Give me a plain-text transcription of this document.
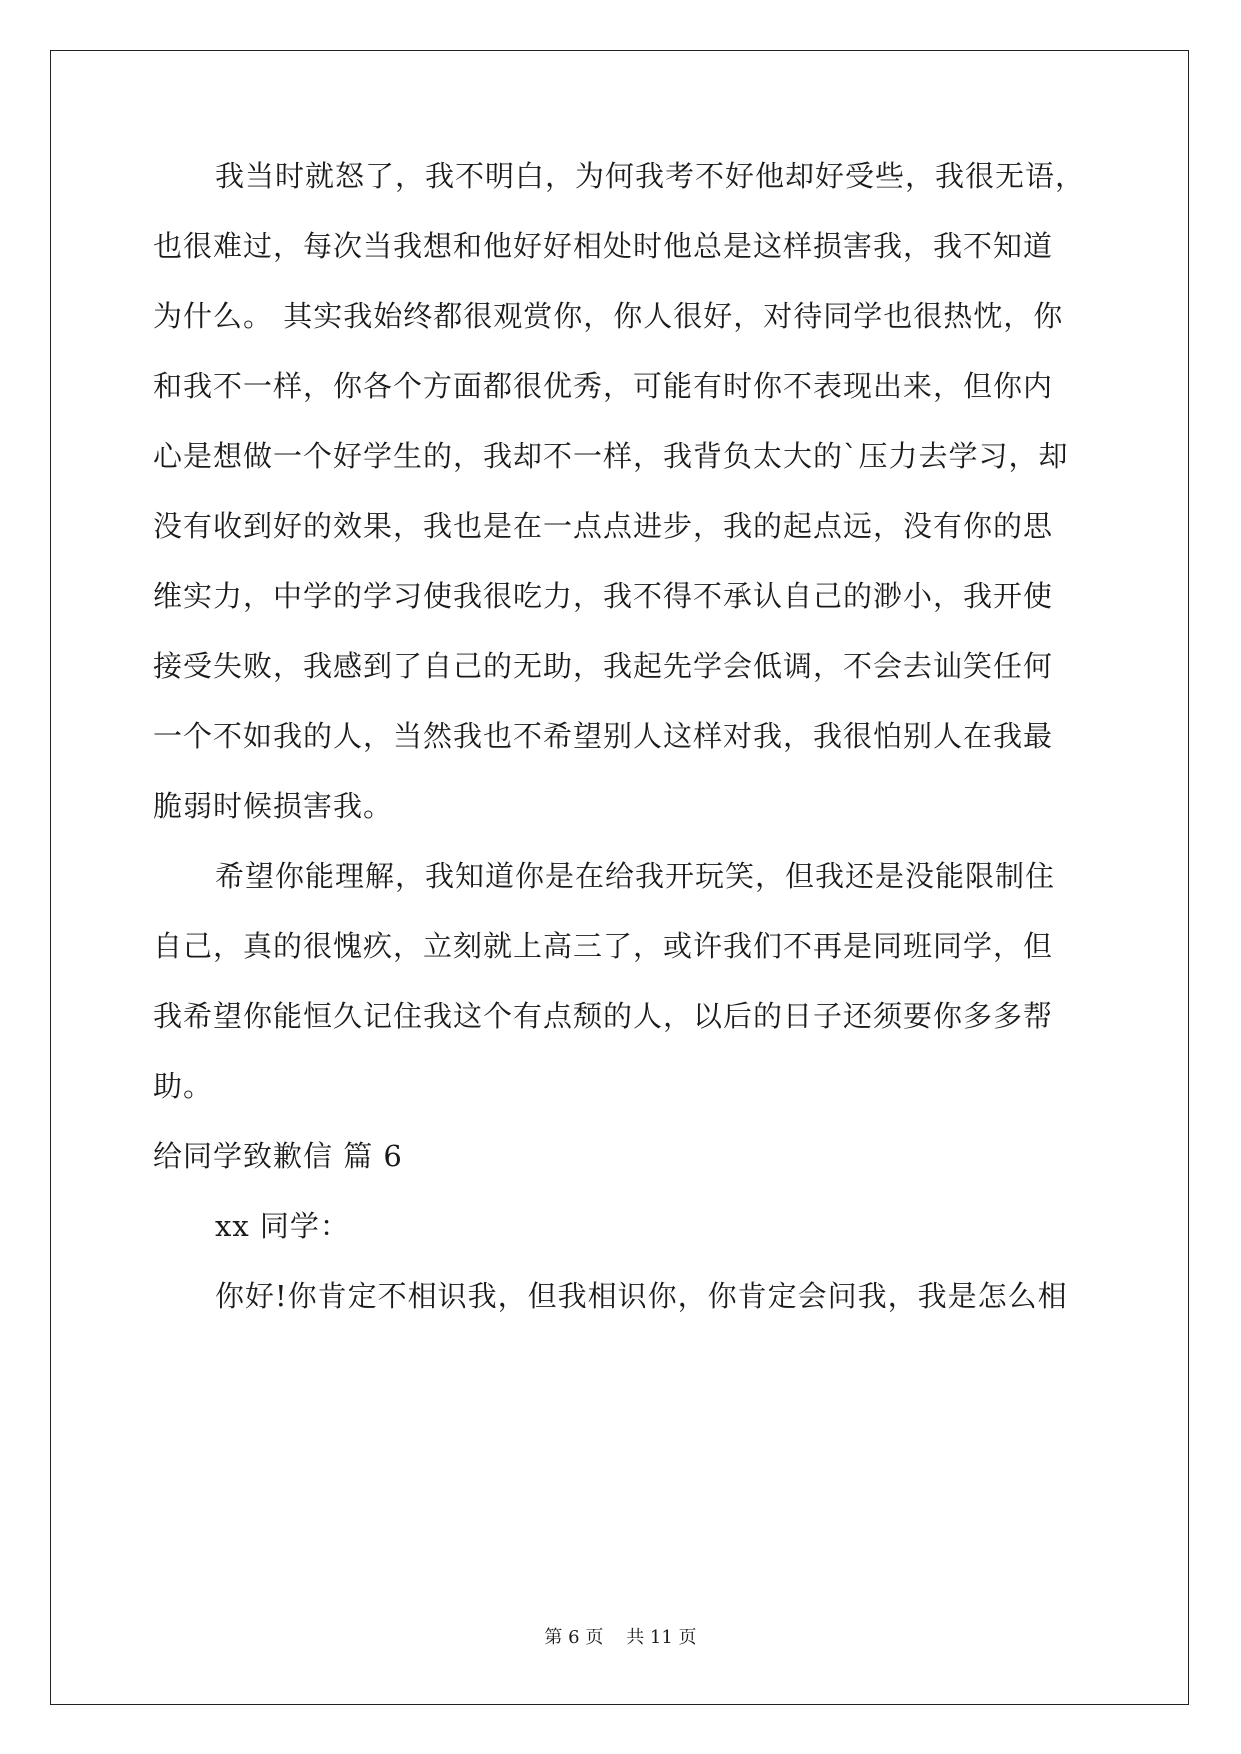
我当时就怒了，我不明白，为何我考不好他却好受些，我很无语，
也很难过，每次当我想和他好好相处时他总是这样损害我，我不知道
为什么。 其实我始终都很观赏你，你人很好，对待同学也很热忱，你
和我不一样，你各个方面都很优秀，可能有时你不表现出来，但你内
心是想做一个好学生的，我却不一样，我背负太大的`压力去学习，却
没有收到好的效果，我也是在一点点进步，我的起点远，没有你的思
维实力，中学的学习使我很吃力，我不得不承认自己的渺小，我开使
接受失败，我感到了自己的无助，我起先学会低调，不会去讪笑任何
一个不如我的人，当然我也不希望别人这样对我，我很怕别人在我最
脆弱时候损害我。
希望你能理解，我知道你是在给我开玩笑，但我还是没能限制住
自己，真的很愧疚，立刻就上高三了，或许我们不再是同班同学，但
我希望你能恒久记住我这个有点颓的人，以后的日子还须要你多多帮
助。
给同学致歉信 篇 6
xx 同学：
你好!你肯定不相识我，但我相识你，你肯定会问我，我是怎么相
第 6 页    共 11 页
